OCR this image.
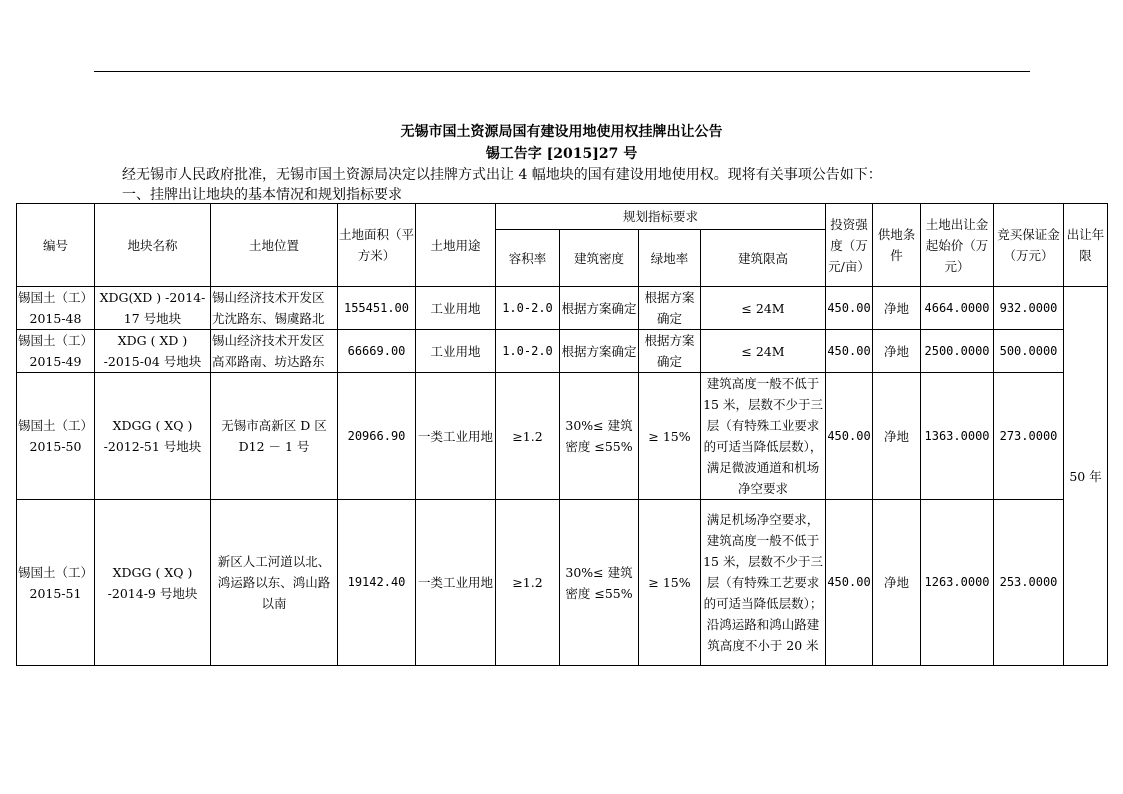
无锡市国土资源局国有建设用地使用权挂牌出让公告
锡工告字 [2015]27 号
经无锡市人民政府批准，无锡市国土资源局决定以挂牌方式出让 4 幅地块的国有建设用地使用权。现将有关事项公告如下：
一、挂牌出让地块的基本情况和规划指标要求
编号	地块名称	土地位置	土地面积（平方米）	土地用途	规划指标要求				投资强度（万元/亩）	供地条件	土地出让金起始价（万元）	竞买保证金（万元）	出让年限
					容积率	建筑密度	绿地率	建筑限高					
锡国土（工）2015-48	XDG(XD ) -2014-17 号地块	锡山经济技术开发区尤沈路东、锡虞路北	155451.00	工业用地	1.0-2.0	根据方案确定	根据方案确定	≤ 24M	450.00	净地	4664.0000	932.0000	50 年
锡国土（工）2015-49	XDG ( XD ) -2015-04 号地块	锡山经济技术开发区高邓路南、坊达路东	66669.00	工业用地	1.0-2.0	根据方案确定	根据方案确定	≤ 24M	450.00	净地	2500.0000	500.0000	
锡国土（工）2015-50	XDGG ( XQ ) -2012-51 号地块	无锡市高新区 D 区 D12 － 1 号	20966.90	一类工业用地	≥1.2	30%≤ 建筑密度 ≤55%	≥ 15%	建筑高度一般不低于 15 米，层数不少于三层（有特殊工业要求的可适当降低层数），满足微波通道和机场净空要求	450.00	净地	1363.0000	273.0000	
锡国土（工）2015-51	XDGG ( XQ ) -2014-9 号地块	新区人工河道以北、鸿运路以东、鸿山路以南	19142.40	一类工业用地	≥1.2	30%≤ 建筑密度 ≤55%	≥ 15%	满足机场净空要求，建筑高度一般不低于 15 米，层数不少于三层（有特殊工艺要求的可适当降低层数）；沿鸿运路和鸿山路建筑高度不小于 20 米	450.00	净地	1263.0000	253.0000	
